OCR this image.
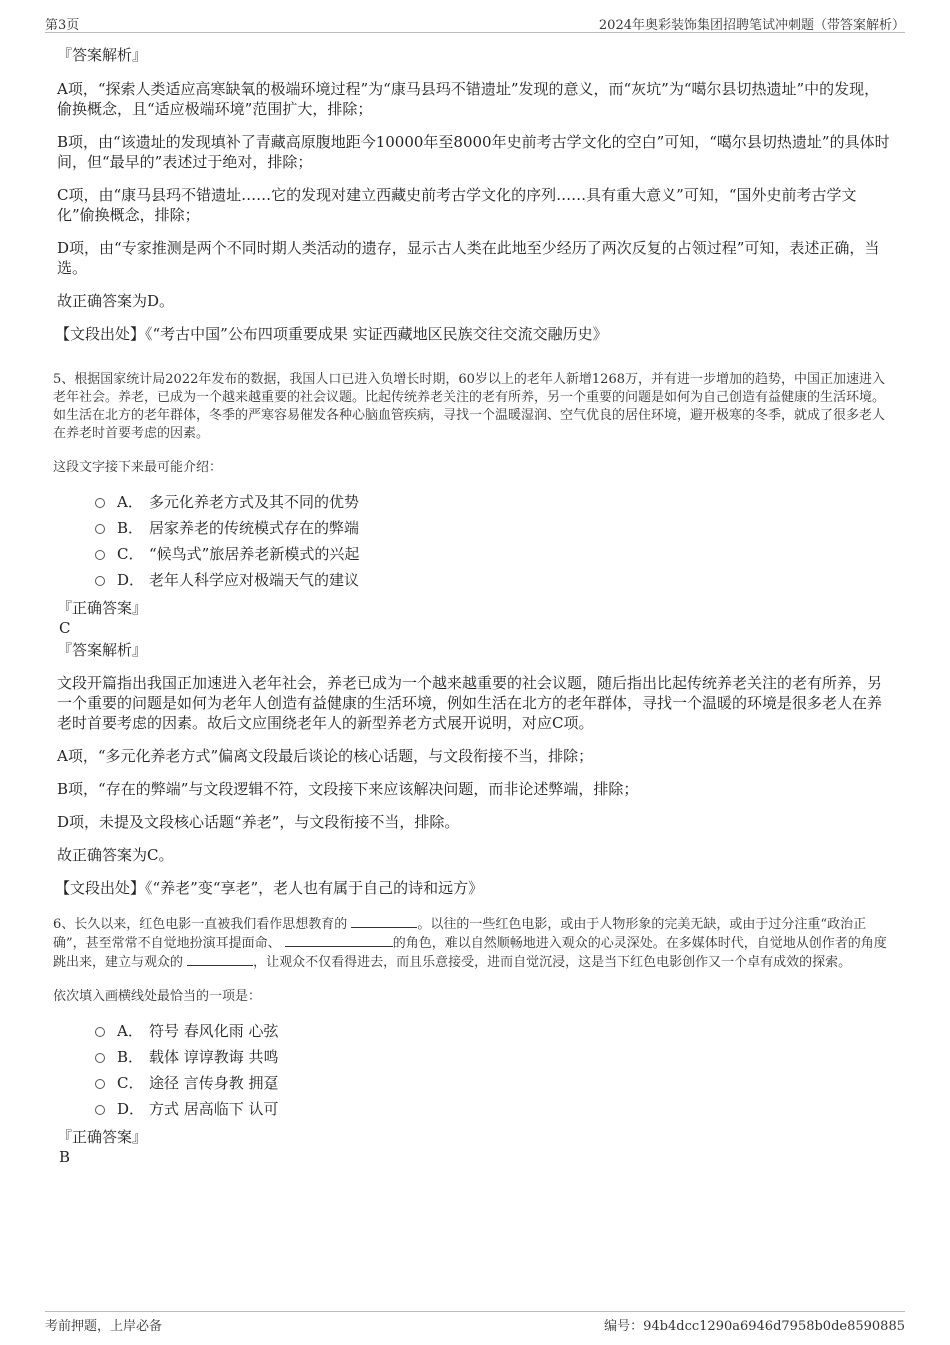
第3页	2024年奥彩装饰集团招聘笔试冲刺题（带答案解析）

『答案解析』

A项，“探索人类适应高寒缺氧的极端环境过程”为“康马县玛不错遗址”发现的意义，而“灰坑”为“噶尔县切热遗址”中的发现，偷换概念，且“适应极端环境”范围扩大，排除；

B项，由“该遗址的发现填补了青藏高原腹地距今10000年至8000年史前考古学文化的空白”可知，“噶尔县切热遗址”的具体时间，但“最早的”表述过于绝对，排除；

C项，由“康马县玛不错遗址……它的发现对建立西藏史前考古学文化的序列……具有重大意义”可知，“国外史前考古学文化”偷换概念，排除；

D项，由“专家推测是两个不同时期人类活动的遗存，显示古人类在此地至少经历了两次反复的占领过程”可知，表述正确，当选。

故正确答案为D。

【文段出处】《“考古中国”公布四项重要成果 实证西藏地区民族交往交流交融历史》

5、根据国家统计局2022年发布的数据，我国人口已进入负增长时期，60岁以上的老年人新增1268万，并有进一步增加的趋势，中国正加速进入老年社会。养老，已成为一个越来越重要的社会议题。比起传统养老关注的老有所养，另一个重要的问题是如何为自己创造有益健康的生活环境。如生活在北方的老年群体，冬季的严寒容易催发各种心脑血管疾病，寻找一个温暖湿润、空气优良的居住环境，避开极寒的冬季，就成了很多老人在养老时首要考虑的因素。

这段文字接下来最可能介绍：

A． 多元化养老方式及其不同的优势
B． 居家养老的传统模式存在的弊端
C． “候鸟式”旅居养老新模式的兴起
D． 老年人科学应对极端天气的建议

『正确答案』

C

『答案解析』

文段开篇指出我国正加速进入老年社会，养老已成为一个越来越重要的社会议题，随后指出比起传统养老关注的老有所养，另一个重要的问题是如何为老年人创造有益健康的生活环境，例如生活在北方的老年群体，寻找一个温暖的环境是很多老人在养老时首要考虑的因素。故后文应围绕老年人的新型养老方式展开说明，对应C项。

A项，“多元化养老方式”偏离文段最后谈论的核心话题，与文段衔接不当，排除；

B项，“存在的弊端”与文段逻辑不符，文段接下来应该解决问题，而非论述弊端，排除；

D项，未提及文段核心话题“养老”，与文段衔接不当，排除。

故正确答案为C。

【文段出处】《“养老”变“享老”，老人也有属于自己的诗和远方》

6、长久以来，红色电影一直被我们看作思想教育的	。以往的一些红色电影，或由于人物形象的完美无缺，或由于过分注重“政治正确”，甚至常常不自觉地扮演耳提面命、	的角色，难以自然顺畅地进入观众的心灵深处。在多媒体时代，自觉地从创作者的角度跳出来，建立与观众的	，让观众不仅看得进去，而且乐意接受，进而自觉沉浸，这是当下红色电影创作又一个卓有成效的探索。

依次填入画横线处最恰当的一项是：

A． 符号 春风化雨 心弦
B． 载体 谆谆教诲 共鸣
C． 途径 言传身教 拥趸
D． 方式 居高临下 认可

『正确答案』

B

考前押题，上岸必备	编号：94b4dcc1290a6946d7958b0de8590885
